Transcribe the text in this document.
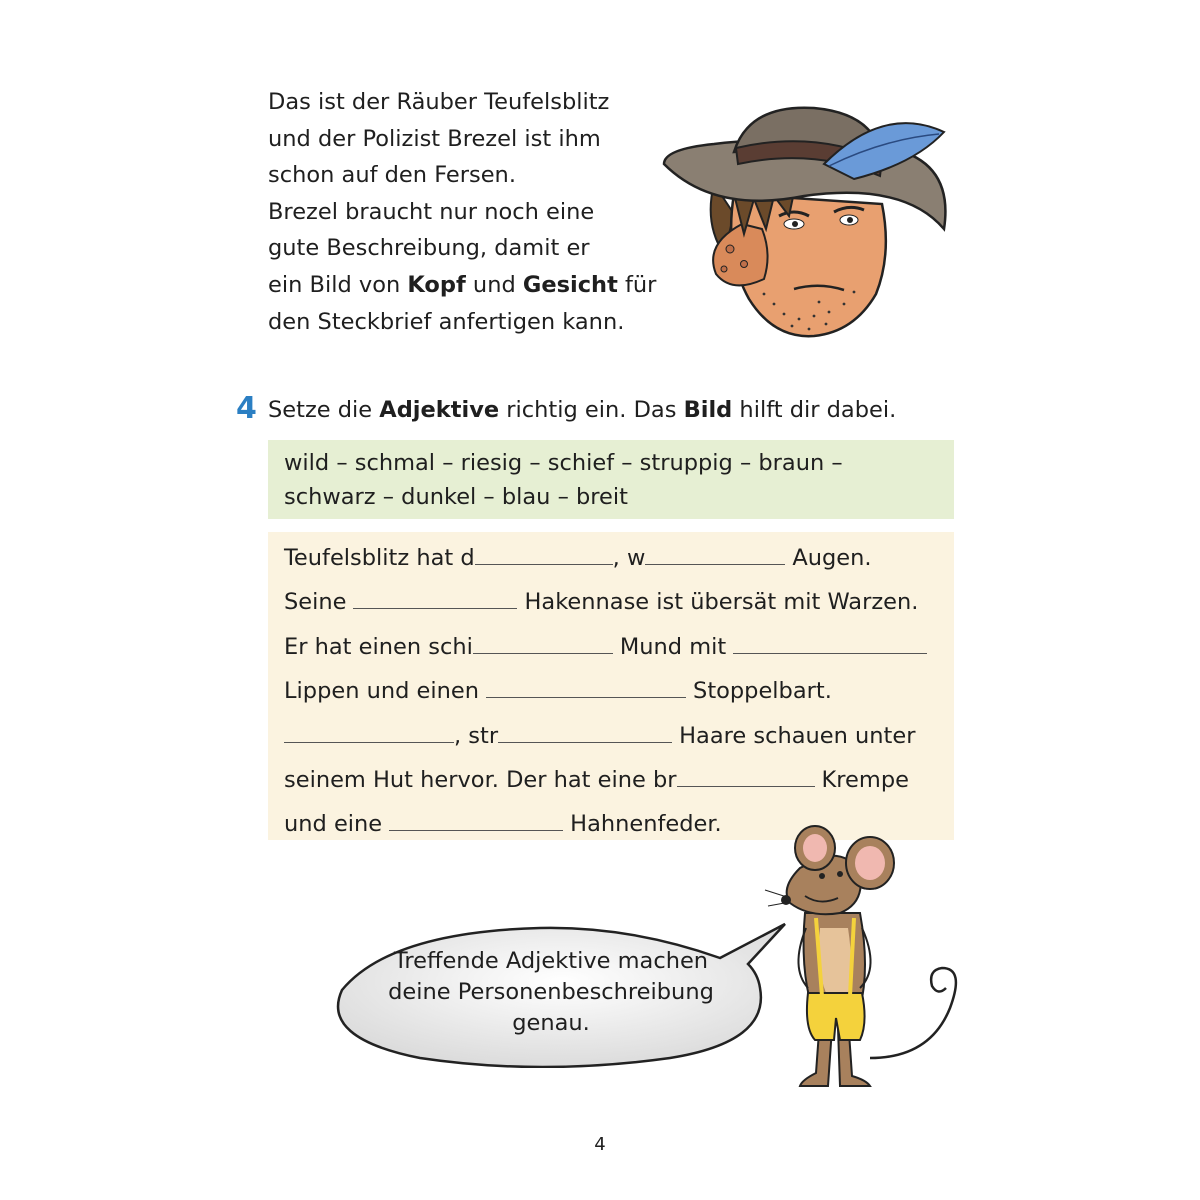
Das ist der Räuber Teufelsblitz
und der Polizist Brezel ist ihm
schon auf den Fersen.
Brezel braucht nur noch eine
gute Beschreibung, damit er
ein Bild von Kopf und Gesicht für
den Steckbrief anfertigen kann.
4 Setze die Adjektive richtig ein. Das Bild hilft dir dabei.
wild – schmal – riesig – schief – struppig – braun –
schwarz – dunkel – blau – breit
Teufelsblitz hat d	, w	Augen.
Seine	Hakennase ist übersät mit Warzen.
Er hat einen schi	Mund mit
Lippen und einen	Stoppelbart.
, str	Haare schauen unter
seinem Hut hervor. Der hat eine br	Krempe
und eine	Hahnenfeder.
Treffende Adjektive machen
deine Personenbeschreibung
genau.
4
